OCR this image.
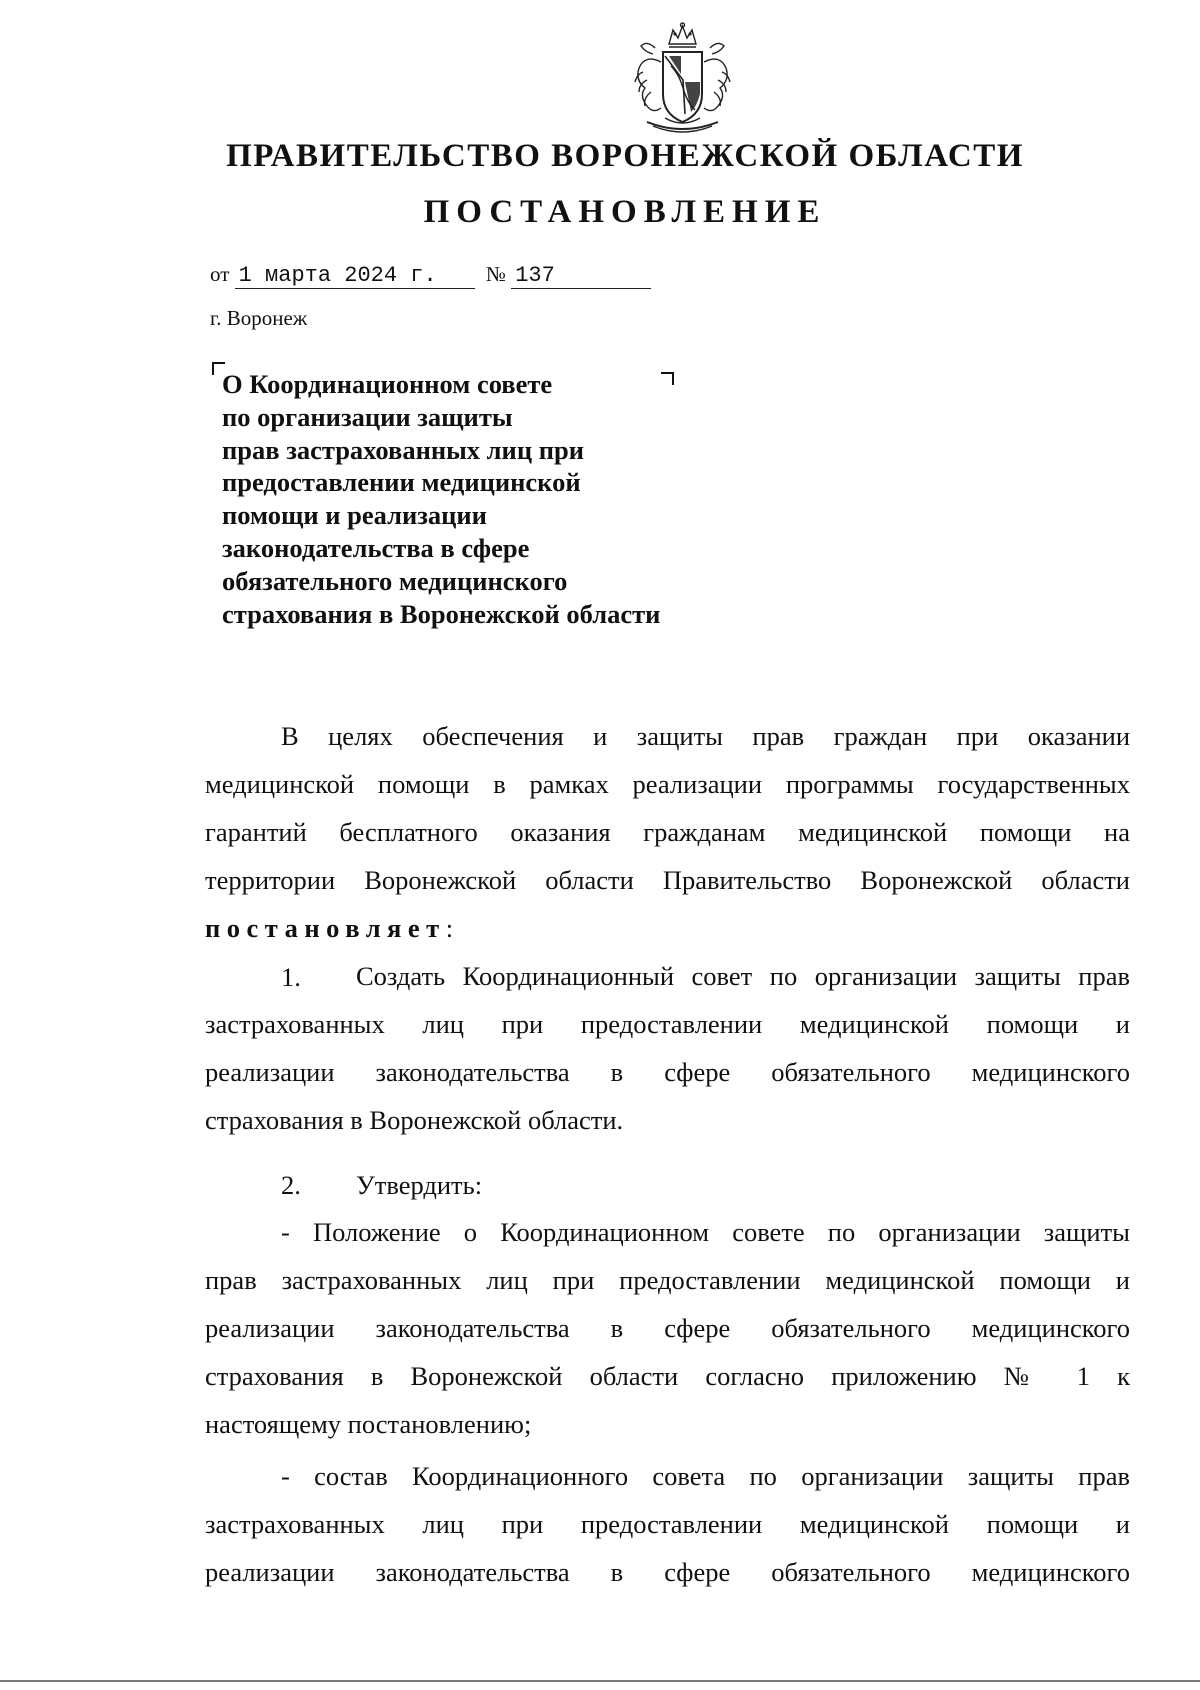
ПРАВИТЕЛЬСТВО ВОРОНЕЖСКОЙ ОБЛАСТИ
ПОСТАНОВЛЕНИЕ
от 1 марта 2024 г. № 137
г. Воронеж
О Координационном совете
по организации защиты
прав застрахованных лиц при
предоставлении медицинской
помощи и реализации
законодательства в сфере
обязательного медицинского
страхования в Воронежской области
В целях обеспечения и защиты прав граждан при оказании
медицинской помощи в рамках реализации программы государственных
гарантий бесплатного оказания гражданам медицинской помощи на
территории Воронежской области Правительство Воронежской области
постановляет:
Создать Координационный совет по организации защиты прав
застрахованных лиц при предоставлении медицинской помощи и
реализации законодательства в сфере обязательного медицинского
страхования в Воронежской области.
1.
2. Утвердить:
- Положение о Координационном совете по организации защиты
прав застрахованных лиц при предоставлении медицинской помощи и
реализации законодательства в сфере обязательного медицинского
страхования в Воронежской области согласно приложению № 1 к
настоящему постановлению;
- состав Координационного совета по организации защиты прав
застрахованных лиц при предоставлении медицинской помощи и
реализации законодательства в сфере обязательного медицинского
